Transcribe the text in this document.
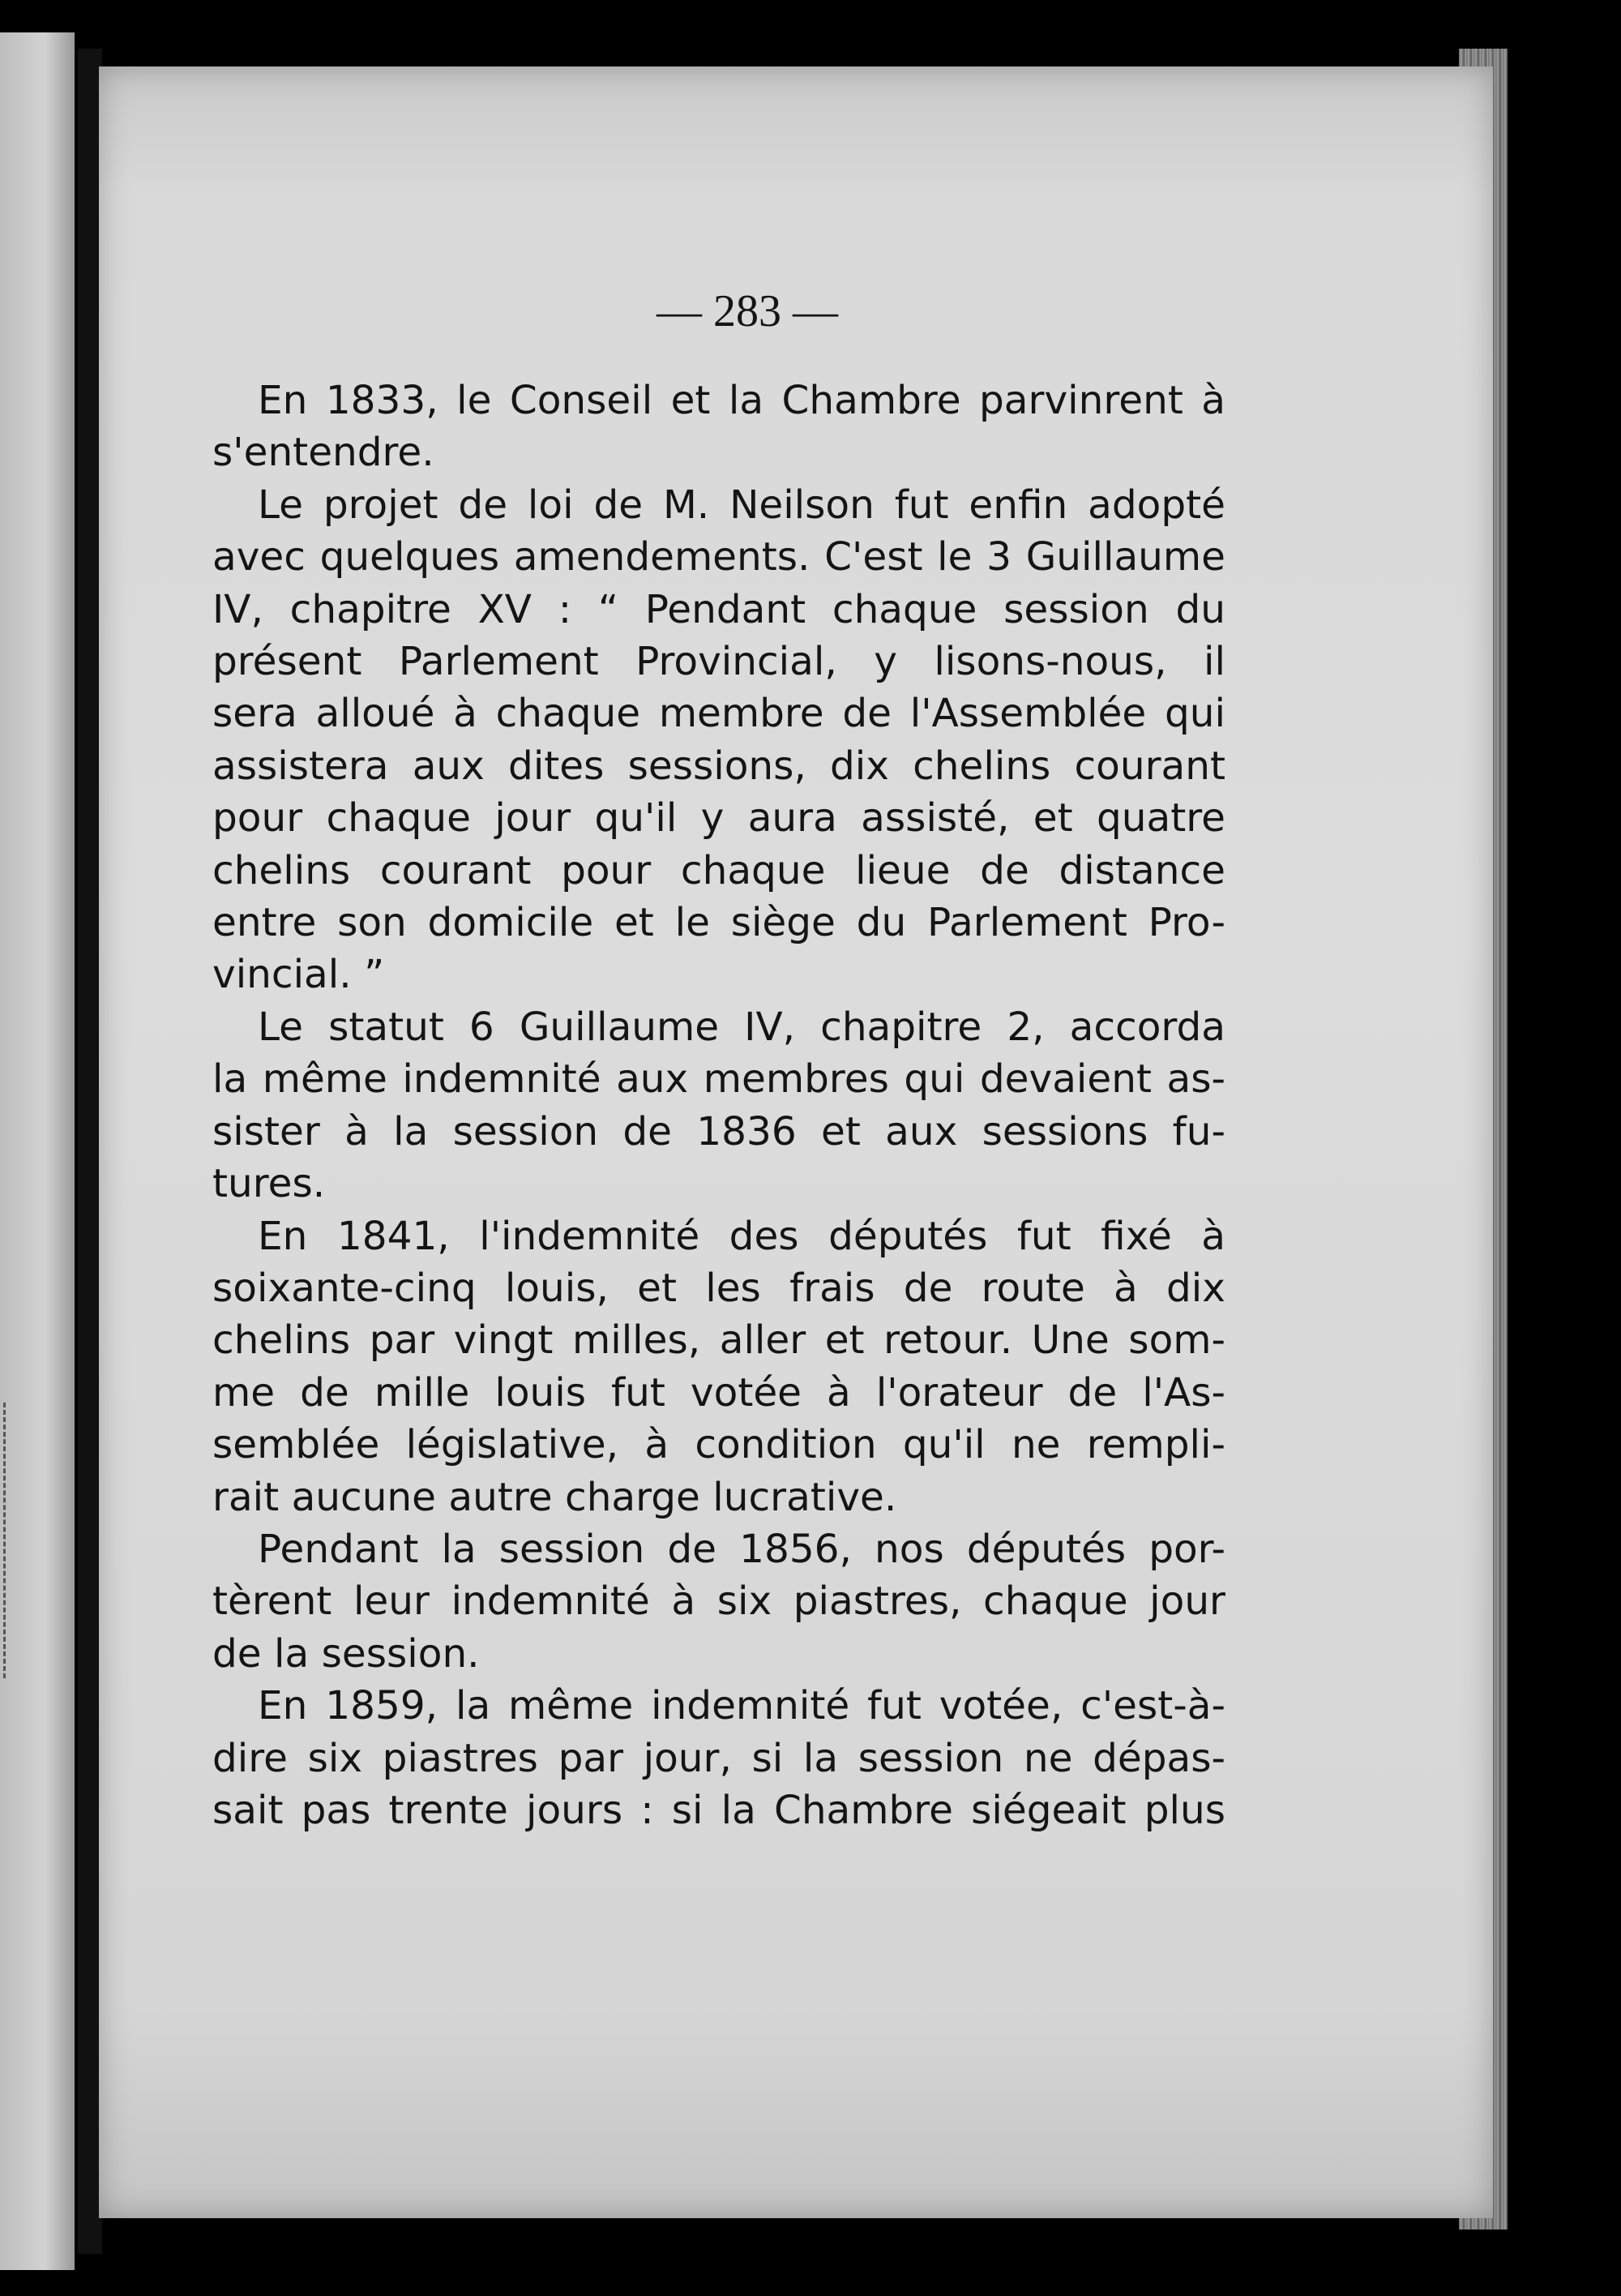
— 283 —

En 1833, le Conseil et la Chambre parvinrent à
s'entendre.

Le projet de loi de M. Neilson fut enfin adopté
avec quelques amendements. C'est le 3 Guillaume
IV, chapitre XV : “ Pendant chaque session du
présent Parlement Provincial, y lisons-nous, il
sera alloué à chaque membre de l'Assemblée qui
assistera aux dites sessions, dix chelins courant
pour chaque jour qu'il y aura assisté, et quatre
chelins courant pour chaque lieue de distance
entre son domicile et le siège du Parlement Pro-
vincial. ”

Le statut 6 Guillaume IV, chapitre 2, accorda
la même indemnité aux membres qui devaient as-
sister à la session de 1836 et aux sessions fu-
tures.

En 1841, l'indemnité des députés fut fixé à
soixante-cinq louis, et les frais de route à dix
chelins par vingt milles, aller et retour. Une som-
me de mille louis fut votée à l'orateur de l'As-
semblée législative, à condition qu'il ne rempli-
rait aucune autre charge lucrative.

Pendant la session de 1856, nos députés por-
tèrent leur indemnité à six piastres, chaque jour
de la session.

En 1859, la même indemnité fut votée, c'est-à-
dire six piastres par jour, si la session ne dépas-
sait pas trente jours : si la Chambre siégeait plus
